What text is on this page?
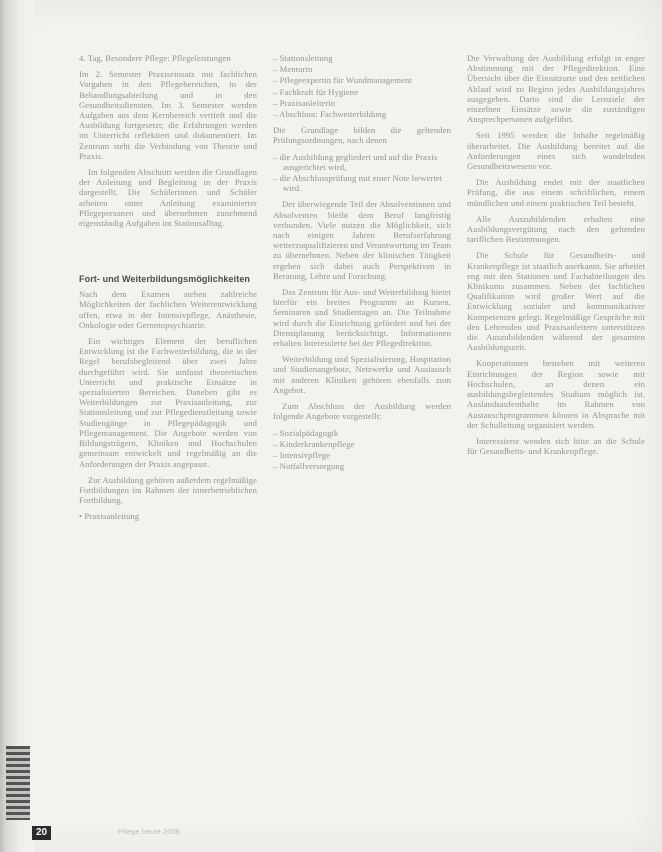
4. Tag, Besondere Pflege: Pflegeleistungen

Im 2. Semester Praxiseinsatz mit fachlichen Vorgaben in den Pflegebereichen, in der Behandlungsabteilung und in den Gesundheitsdiensten. Im 3. Semester werden Aufgaben aus dem Kernbereich vertieft und die Ausbildung fortgesetzt; die Erfahrungen werden im Unterricht reflektiert und dokumentiert. Im Zentrum steht die Verbindung von Theorie und Praxis.

Im folgenden Abschnitt werden die Grundlagen der Anleitung und Begleitung in der Praxis dargestellt. Die Schülerinnen und Schüler arbeiten unter Anleitung examinierter Pflegepersonen und übernehmen zunehmend eigenständig Aufgaben im Stationsalltag.

Fort- und Weiterbildungsmöglichkeiten

Nach dem Examen stehen zahlreiche Möglichkeiten der fachlichen Weiterentwicklung offen, etwa in der Intensivpflege, Anästhesie, Onkologie oder Gerontopsychiatrie.

Ein wichtiges Element der beruflichen Entwicklung ist die Fachweiterbildung, die in der Regel berufsbegleitend über zwei Jahre durchgeführt wird. Sie umfasst theoretischen Unterricht und praktische Einsätze in spezialisierten Bereichen. Daneben gibt es Weiterbildungen zur Praxisanleitung, zur Stationsleitung und zur Pflegedienstleitung sowie Studiengänge in Pflegepädagogik und Pflegemanagement. Die Angebote werden von Bildungsträgern, Kliniken und Hochschulen gemeinsam entwickelt und regelmäßig an die Anforderungen der Praxis angepasst.

Zur Ausbildung gehören außerdem regelmäßige Fortbildungen im Rahmen der innerbetrieblichen Fortbildung.

• Praxisanleitung

– Stationsleitung

– Mentorin

– Pflegeexpertin für Wundmanagement

– Fachkraft für Hygiene

– Praxisanleiterin

– Abschluss: Fachweiterbildung

Die Grundlage bilden die geltenden Prüfungsordnungen, nach denen

– die Ausbildung gegliedert und auf die Praxis ausgerichtet wird,

– die Abschlussprüfung mit einer Note bewertet wird.

Der überwiegende Teil der Absolventinnen und Absolventen bleibt dem Beruf langfristig verbunden. Viele nutzen die Möglichkeit, sich nach einigen Jahren Berufserfahrung weiterzuqualifizieren und Verantwortung im Team zu übernehmen. Neben der klinischen Tätigkeit ergeben sich dabei auch Perspektiven in Beratung, Lehre und Forschung.

Das Zentrum für Aus- und Weiterbildung bietet hierfür ein breites Programm an Kursen, Seminaren und Studientagen an. Die Teilnahme wird durch die Einrichtung gefördert und bei der Dienstplanung berücksichtigt. Informationen erhalten Interessierte bei der Pflegedirektion.

Weiterbildung und Spezialisierung, Hospitation und Studienangebote, Netzwerke und Austausch mit anderen Kliniken gehören ebenfalls zum Angebot.

Zum Abschluss der Ausbildung werden folgende Angebote vorgestellt:

– Sozialpädagogik

– Kinderkrankenpflege

– Intensivpflege

– Notfallversorgung

Die Verwaltung der Ausbildung erfolgt in enger Abstimmung mit der Pflegedirektion. Eine Übersicht über die Einsatzorte und den zeitlichen Ablauf wird zu Beginn jedes Ausbildungsjahres ausgegeben. Darin sind die Lernziele der einzelnen Einsätze sowie die zuständigen Ansprechpersonen aufgeführt.

Seit 1995 werden die Inhalte regelmäßig überarbeitet. Die Ausbildung bereitet auf die Anforderungen eines sich wandelnden Gesundheitswesens vor.

Die Ausbildung endet mit der staatlichen Prüfung, die aus einem schriftlichen, einem mündlichen und einem praktischen Teil besteht.

Alle Auszubildenden erhalten eine Ausbildungsvergütung nach den geltenden tariflichen Bestimmungen.

Die Schule für Gesundheits- und Krankenpflege ist staatlich anerkannt. Sie arbeitet eng mit den Stationen und Fachabteilungen des Klinikums zusammen. Neben der fachlichen Qualifikation wird großer Wert auf die Entwicklung sozialer und kommunikativer Kompetenzen gelegt. Regelmäßige Gespräche mit den Lehrenden und Praxisanleitern unterstützen die Auszubildenden während der gesamten Ausbildungszeit.

Kooperationen bestehen mit weiteren Einrichtungen der Region sowie mit Hochschulen, an denen ein ausbildungsbegleitendes Studium möglich ist. Auslandsaufenthalte im Rahmen von Austauschprogrammen können in Absprache mit der Schulleitung organisiert werden.

Interessierte wenden sich bitte an die Schule für Gesundheits- und Krankenpflege.

20	Pflege heute 2008
